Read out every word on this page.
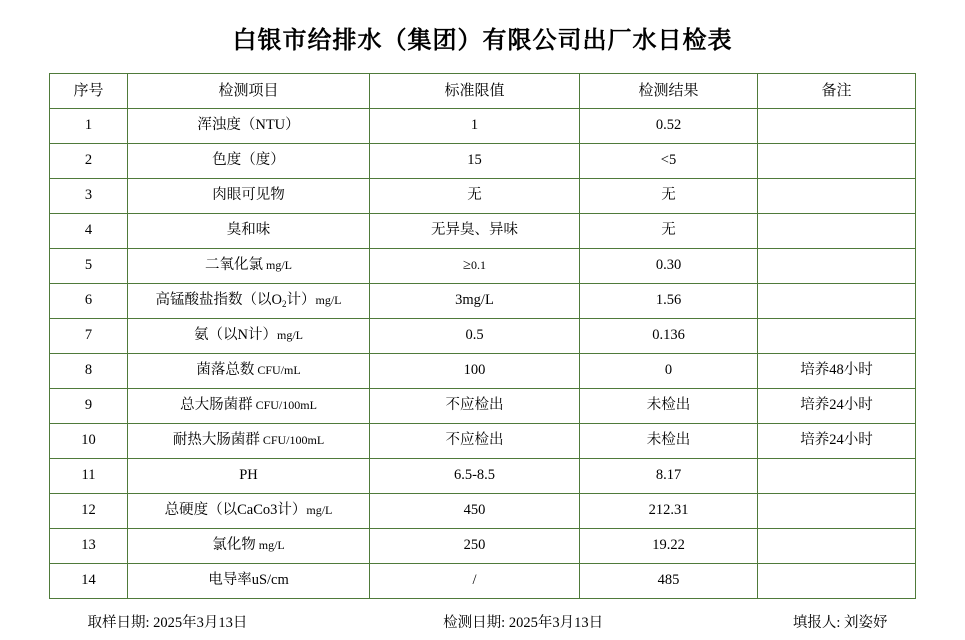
白银市给排水（集团）有限公司出厂水日检表
序号	检测项目	标准限值	检测结果	备注
1	浑浊度（NTU）	1	0.52	
2	色度（度）	15	<5	
3	肉眼可见物	无	无	
4	臭和味	无异臭、异味	无	
5	二氧化氯 mg/L	≥0.1	0.30	
6	高锰酸盐指数（以$O_2$计）mg/L	3mg/L	1.56	
7	氨（以N计）mg/L	0.5	0.136	
8	菌落总数 CFU/mL	100	0	培养48小时
9	总大肠菌群 CFU/100mL	不应检出	未检出	培养24小时
10	耐热大肠菌群 CFU/100mL	不应检出	未检出	培养24小时
11	PH	6.5-8.5	8.17	
12	总硬度（以CaCo3计）mg/L	450	212.31	
13	氯化物 mg/L	250	19.22	
14	电导率uS/cm	/	485	
取样日期: 2025年3月13日	检测日期: 2025年3月13日	填报人: 刘姿妤
